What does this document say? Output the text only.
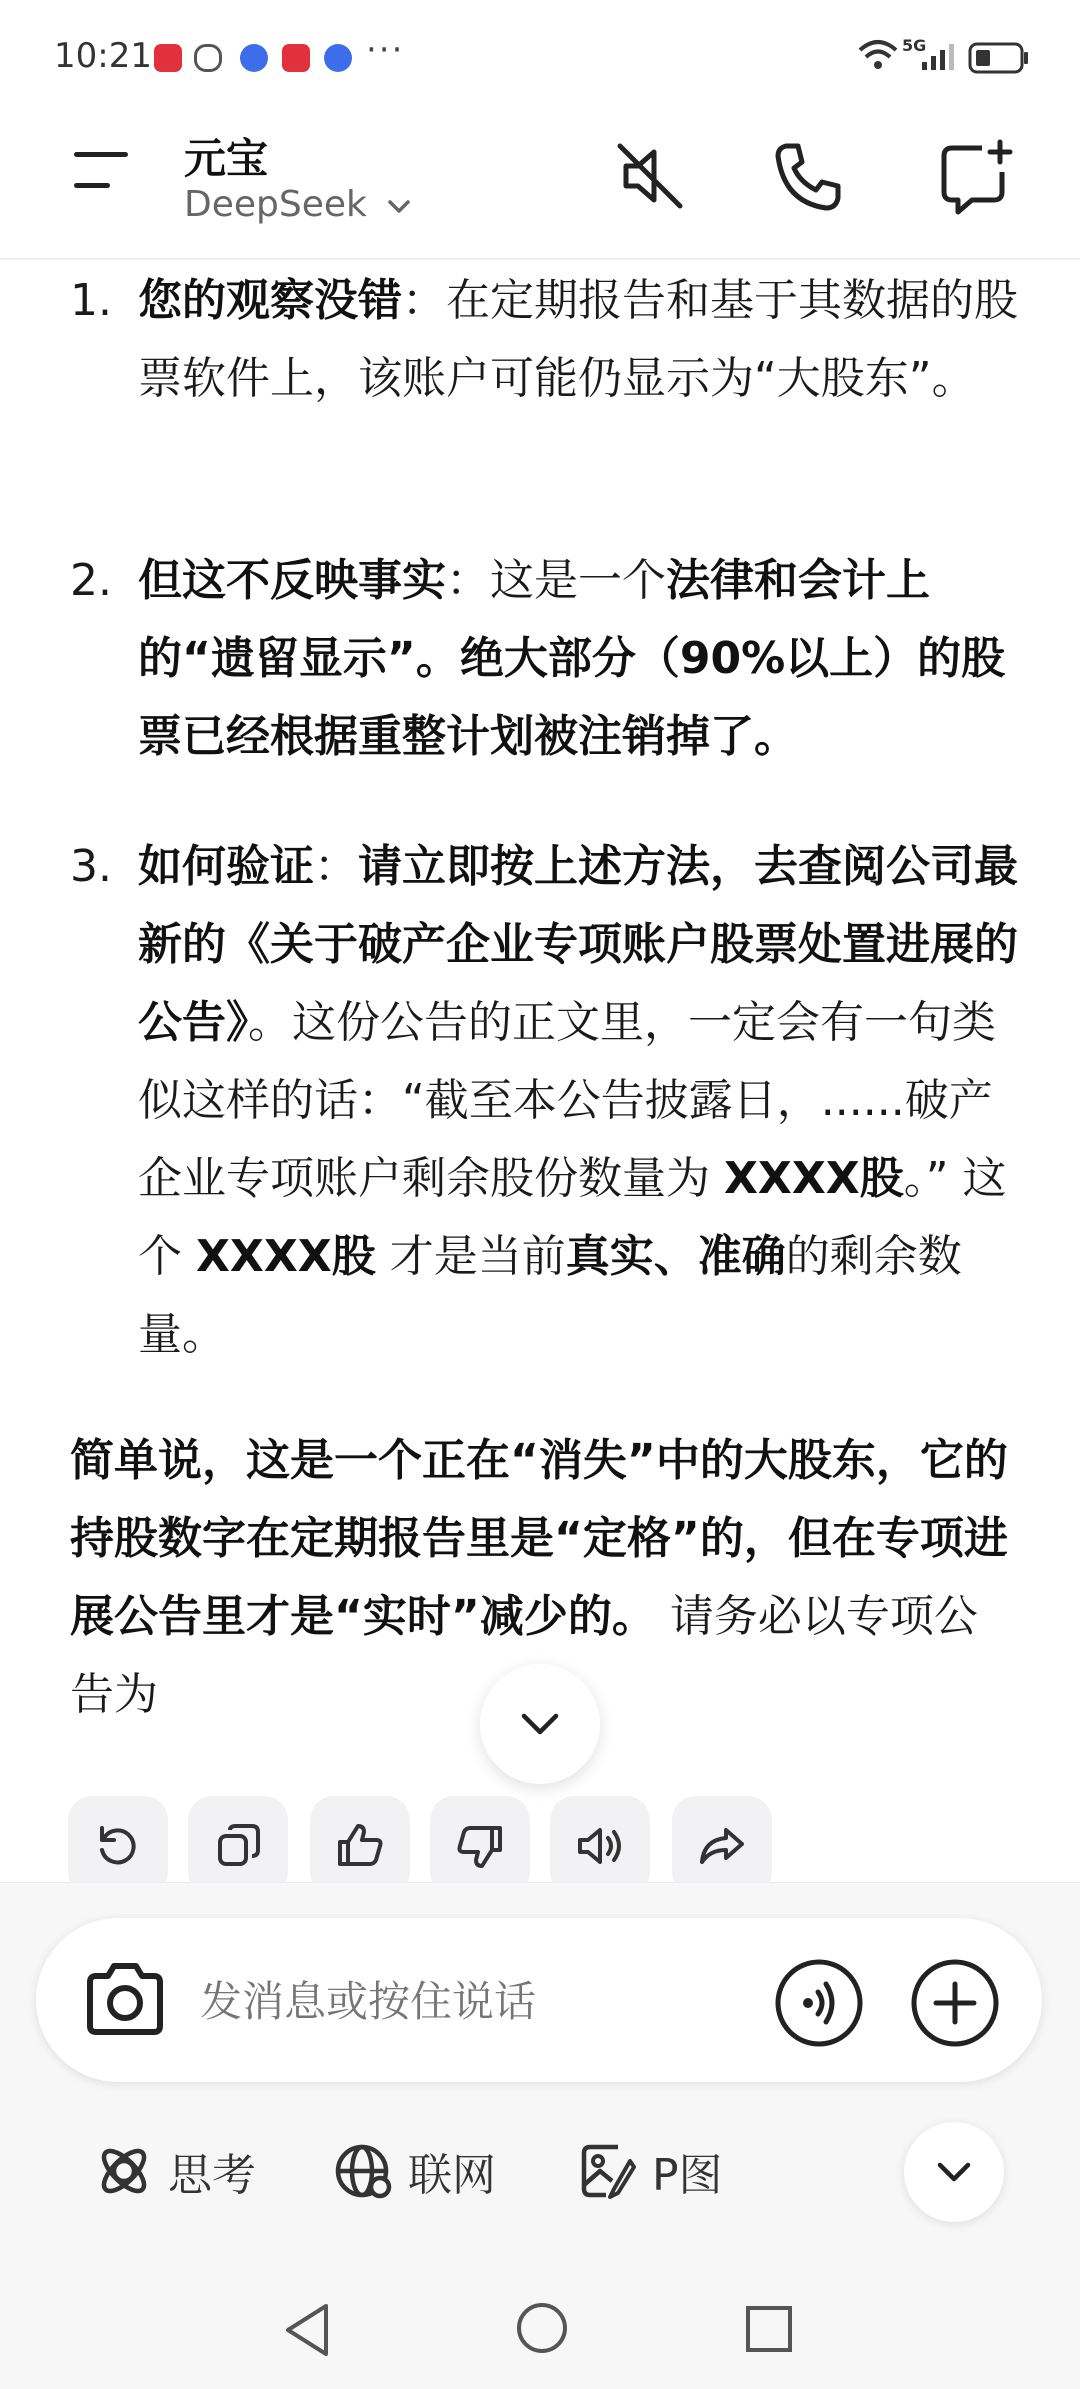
10:21	···	5G
元宝
DeepSeek
1. 您的观察没错：在定期报告和基于其数据的股票软件上，该账户可能仍显示为“大股东”。
2. 但这不反映事实：这是一个法律和会计上的“遗留显示”。绝大部分（90%以上）的股票已经根据重整计划被注销掉了。
3. 如何验证：请立即按上述方法，去查阅公司最新的《关于破产企业专项账户股票处置进展的公告》。这份公告的正文里，一定会有一句类似这样的话：“截至本公告披露日，......破产企业专项账户剩余股份数量为 XXXX股。” 这个 XXXX股 才是当前真实、准确的剩余数量。
简单说，这是一个正在“消失”中的大股东，它的持股数字在定期报告里是“定格”的，但在专项进展公告里才是“实时”减少的。 请务必以专项公告为
发消息或按住说话
思考	联网	P图
